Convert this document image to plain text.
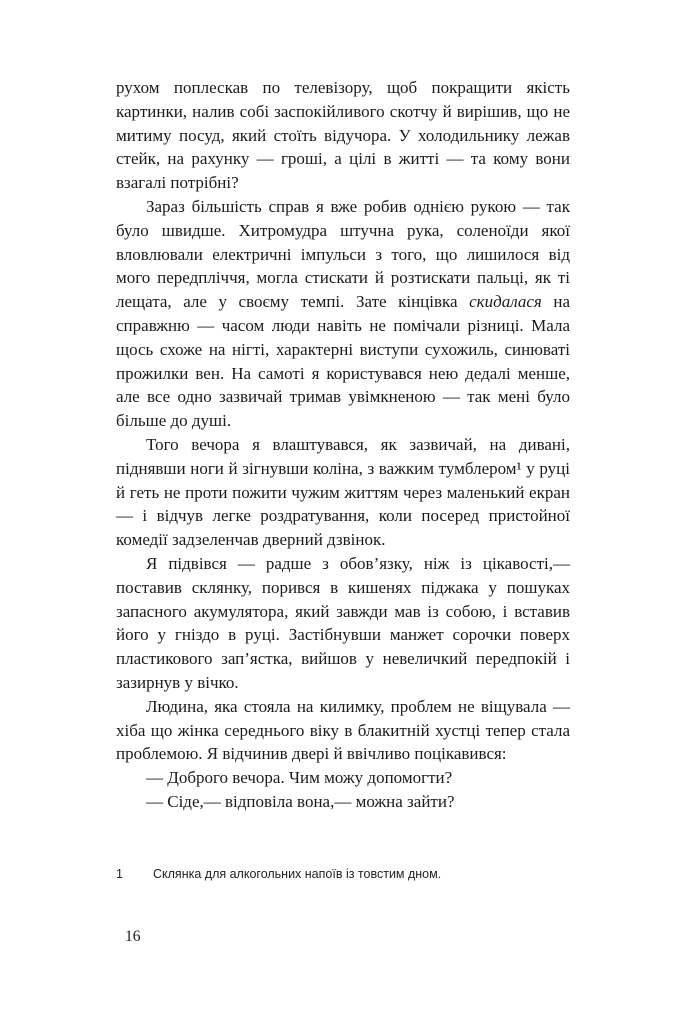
рухом поплескав по телевізору, щоб покращити якість картинки, налив собі заспокійливого скотчу й вирішив, що не митиму посуд, який стоїть відучора. У холодильнику лежав стейк, на рахунку — гроші, а цілі в житті — та кому вони взагалі потрібні?

Зараз більшість справ я вже робив однією рукою — так було швидше. Хитромудра штучна рука, соленоїди якої вловлювали електричні імпульси з того, що лишилося від мого передпліччя, могла стискати й розтискати пальці, як ті лещата, але у своєму темпі. Зате кінцівка скидалася на справжню — часом люди навіть не помічали різниці. Мала щось схоже на нігті, характерні виступи сухожиль, синюваті прожилки вен. На самоті я користувався нею дедалі менше, але все одно зазвичай тримав увімкненою — так мені було більше до душі.

Того вечора я влаштувався, як зазвичай, на дивані, піднявши ноги й зігнувши коліна, з важким тумблером¹ у руці й геть не проти пожити чужим життям через маленький екран — і відчув легке роздратування, коли посеред пристойної комедії задзеленчав дверний дзвінок.

Я підвівся — радше з обов’язку, ніж із цікавості,— поставив склянку, порився в кишенях піджака у пошуках запасного акумулятора, який завжди мав із собою, і вставив його у гніздо в руці. Застібнувши манжет сорочки поверх пластикового зап’ястка, вийшов у невеличкий передпокій і зазирнув у вічко.

Людина, яка стояла на килимку, проблем не віщувала — хіба що жінка середнього віку в блакитній хустці тепер стала проблемою. Я відчинив двері й ввічливо поцікавився:

— Доброго вечора. Чим можу допомогти?

— Сіде,— відповіла вона,— можна зайти?

1	Склянка для алкогольних напоїв із товстим дном.
16
